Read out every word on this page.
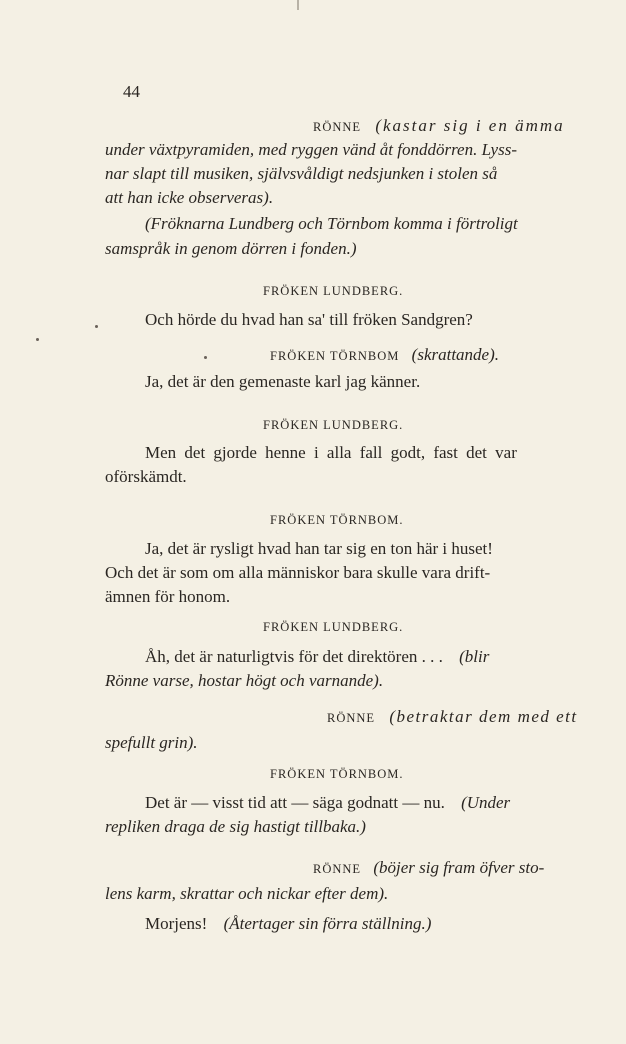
44
RÖNNE (kastar sig i en ämma
under växtpyramiden, med ryggen vänd åt fonddörren. Lyss-
nar slapt till musiken, självsvåldigt nedsjunken i stolen så
att han icke observeras).
(Fröknarna Lundberg och Törnbom komma i förtroligt
samspråk in genom dörren i fonden.)
FRÖKEN LUNDBERG.
Och hörde du hvad han sa' till fröken Sandgren?
FRÖKEN TÖRNBOM (skrattande).
Ja, det är den gemenaste karl jag känner.
FRÖKEN LUNDBERG.
Men det gjorde henne i alla fall godt, fast det var
oförskämdt.
FRÖKEN TÖRNBOM.
Ja, det är rysligt hvad han tar sig en ton här i huset!
Och det är som om alla människor bara skulle vara drift-
ämnen för honom.
FRÖKEN LUNDBERG.
Åh, det är naturligtvis för det direktören . . . (blir
Rönne varse, hostar högt och varnande).
RÖNNE (betraktar dem med ett
spefullt grin).
FRÖKEN TÖRNBOM.
Det är — visst tid att — säga godnatt — nu. (Under
repliken draga de sig hastigt tillbaka.)
RÖNNE (böjer sig fram öfver sto-
lens karm, skrattar och nickar efter dem).
Morjens! (Återtager sin förra ställning.)
